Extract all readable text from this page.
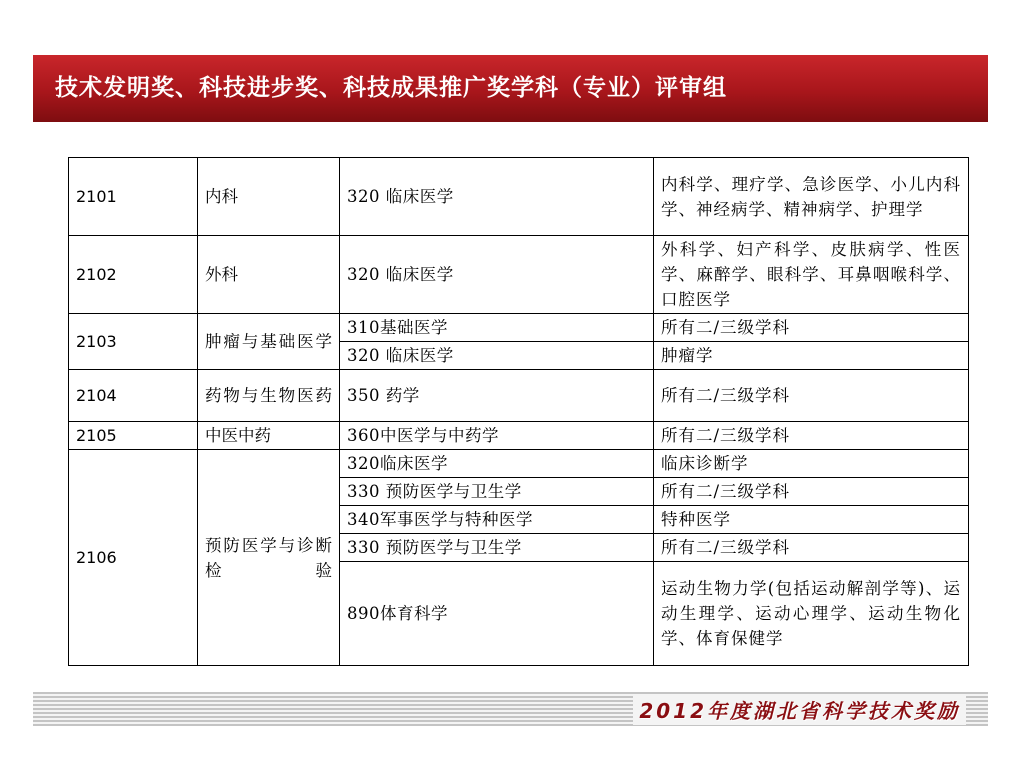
技术发明奖、科技进步奖、科技成果推广奖学科（专业）评审组
2101	内科	320 临床医学	内科学、理疗学、急诊医学、小儿内科学、神经病学、精神病学、护理学
2102	外科	320 临床医学	外科学、妇产科学、皮肤病学、性医学、麻醉学、眼科学、耳鼻咽喉科学、口腔医学
2103	肿瘤与基础医学	310基础医学	所有二/三级学科
		320 临床医学	肿瘤学
2104	药物与生物医药	350 药学	所有二/三级学科
2105	中医中药	360中医学与中药学	所有二/三级学科
2106	预防医学与诊断检验	320临床医学	临床诊断学
		330 预防医学与卫生学	所有二/三级学科
		340军事医学与特种医学	特种医学
		330 预防医学与卫生学	所有二/三级学科
		890体育科学	运动生物力学(包括运动解剖学等)、运动生理学、运动心理学、运动生物化学、体育保健学
2012年度湖北省科学技术奖励
